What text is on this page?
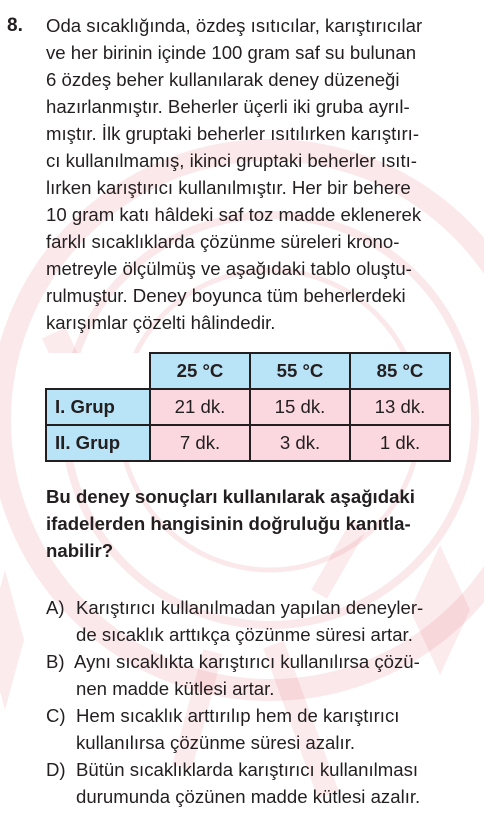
8. Oda sıcaklığında, özdeş ısıtıcılar, karıştırıcılar
ve her birinin içinde 100 gram saf su bulunan
6 özdeş beher kullanılarak deney düzeneği
hazırlanmıştır. Beherler üçerli iki gruba ayrıl-
mıştır. İlk gruptaki beherler ısıtılırken karıştırı-
cı kullanılmamış, ikinci gruptaki beherler ısıtı-
lırken karıştırıcı kullanılmıştır. Her bir behere
10 gram katı hâldeki saf toz madde eklenerek
farklı sıcaklıklarda çözünme süreleri krono-
metreyle ölçülmüş ve aşağıdaki tablo oluştu-
rulmuştur. Deney boyunca tüm beherlerdeki
karışımlar çözelti hâlindedir.
	25 °C	55 °C	85 °C
I. Grup	21 dk.	15 dk.	13 dk.
II. Grup	7 dk.	3 dk.	1 dk.
Bu deney sonuçları kullanılarak aşağıdaki
ifadelerden hangisinin doğruluğu kanıtla-
nabilir?
A) Karıştırıcı kullanılmadan yapılan deneyler-
de sıcaklık arttıkça çözünme süresi artar.
B) Aynı sıcaklıkta karıştırıcı kullanılırsa çözü-
nen madde kütlesi artar.
C) Hem sıcaklık arttırılıp hem de karıştırıcı
kullanılırsa çözünme süresi azalır.
D) Bütün sıcaklıklarda karıştırıcı kullanılması
durumunda çözünen madde kütlesi azalır.
